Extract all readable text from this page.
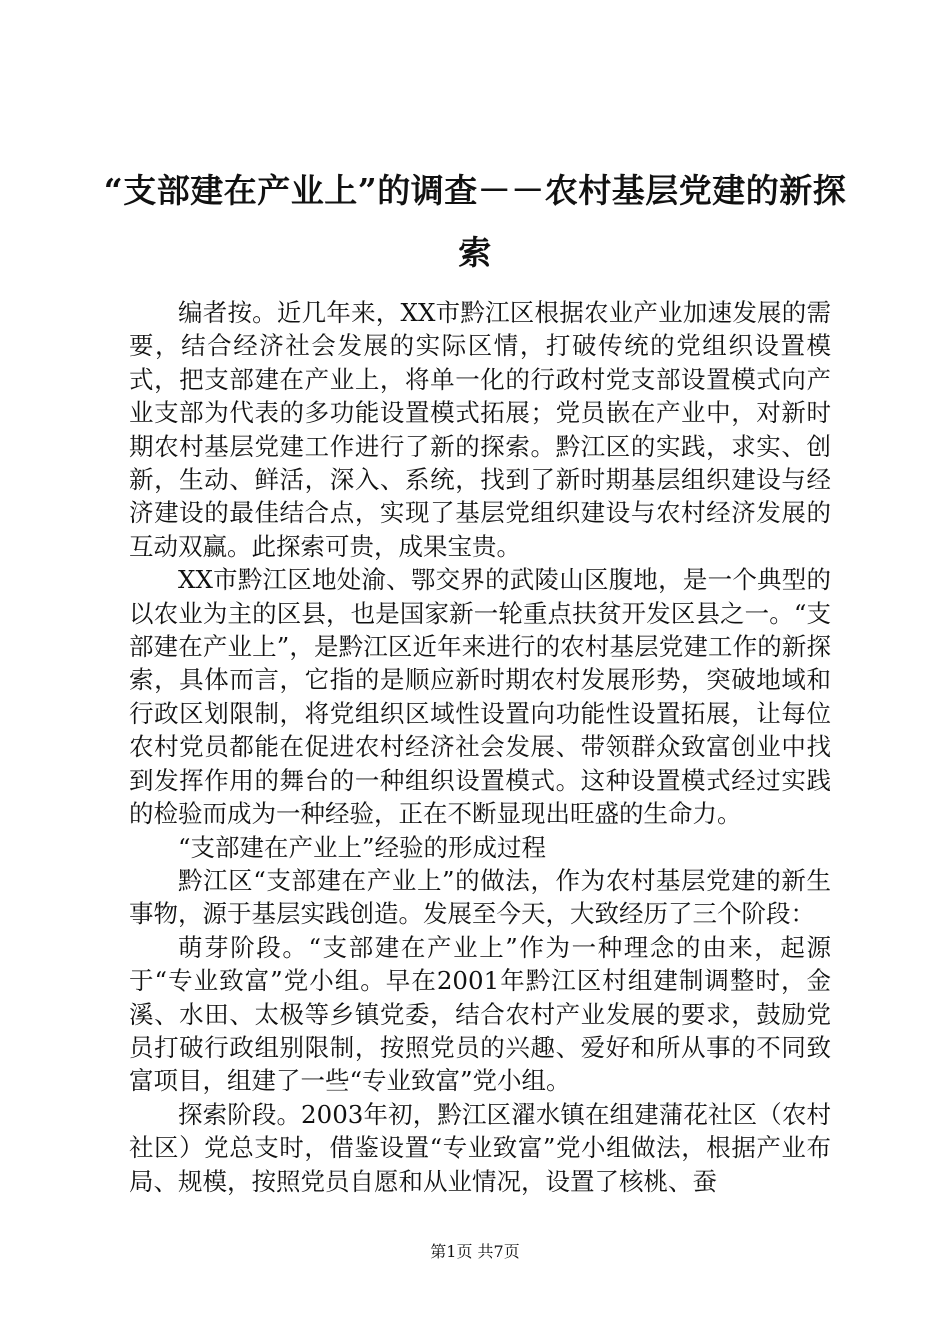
“支部建在产业上”的调查－－农村基层党建的新探索

编者按。近几年来，XX市黔江区根据农业产业加速发展的需要，结合经济社会发展的实际区情，打破传统的党组织设置模式，把支部建在产业上，将单一化的行政村党支部设置模式向产业支部为代表的多功能设置模式拓展；党员嵌在产业中，对新时期农村基层党建工作进行了新的探索。黔江区的实践，求实、创新，生动、鲜活，深入、系统，找到了新时期基层组织建设与经济建设的最佳结合点，实现了基层党组织建设与农村经济发展的互动双赢。此探索可贵，成果宝贵。

XX市黔江区地处渝、鄂交界的武陵山区腹地，是一个典型的以农业为主的区县，也是国家新一轮重点扶贫开发区县之一。“支部建在产业上”，是黔江区近年来进行的农村基层党建工作的新探索，具体而言，它指的是顺应新时期农村发展形势，突破地域和行政区划限制，将党组织区域性设置向功能性设置拓展，让每位农村党员都能在促进农村经济社会发展、带领群众致富创业中找到发挥作用的舞台的一种组织设置模式。这种设置模式经过实践的检验而成为一种经验，正在不断显现出旺盛的生命力。

“支部建在产业上”经验的形成过程

黔江区“支部建在产业上”的做法，作为农村基层党建的新生事物，源于基层实践创造。发展至今天，大致经历了三个阶段：

萌芽阶段。“支部建在产业上”作为一种理念的由来，起源于“专业致富”党小组。早在2001年黔江区村组建制调整时，金溪、水田、太极等乡镇党委，结合农村产业发展的要求，鼓励党员打破行政组别限制，按照党员的兴趣、爱好和所从事的不同致富项目，组建了一些“专业致富”党小组。

探索阶段。2003年初，黔江区濯水镇在组建蒲花社区（农村社区）党总支时，借鉴设置“专业致富”党小组做法，根据产业布局、规模，按照党员自愿和从业情况，设置了核桃、蚕

第1页 共7页
